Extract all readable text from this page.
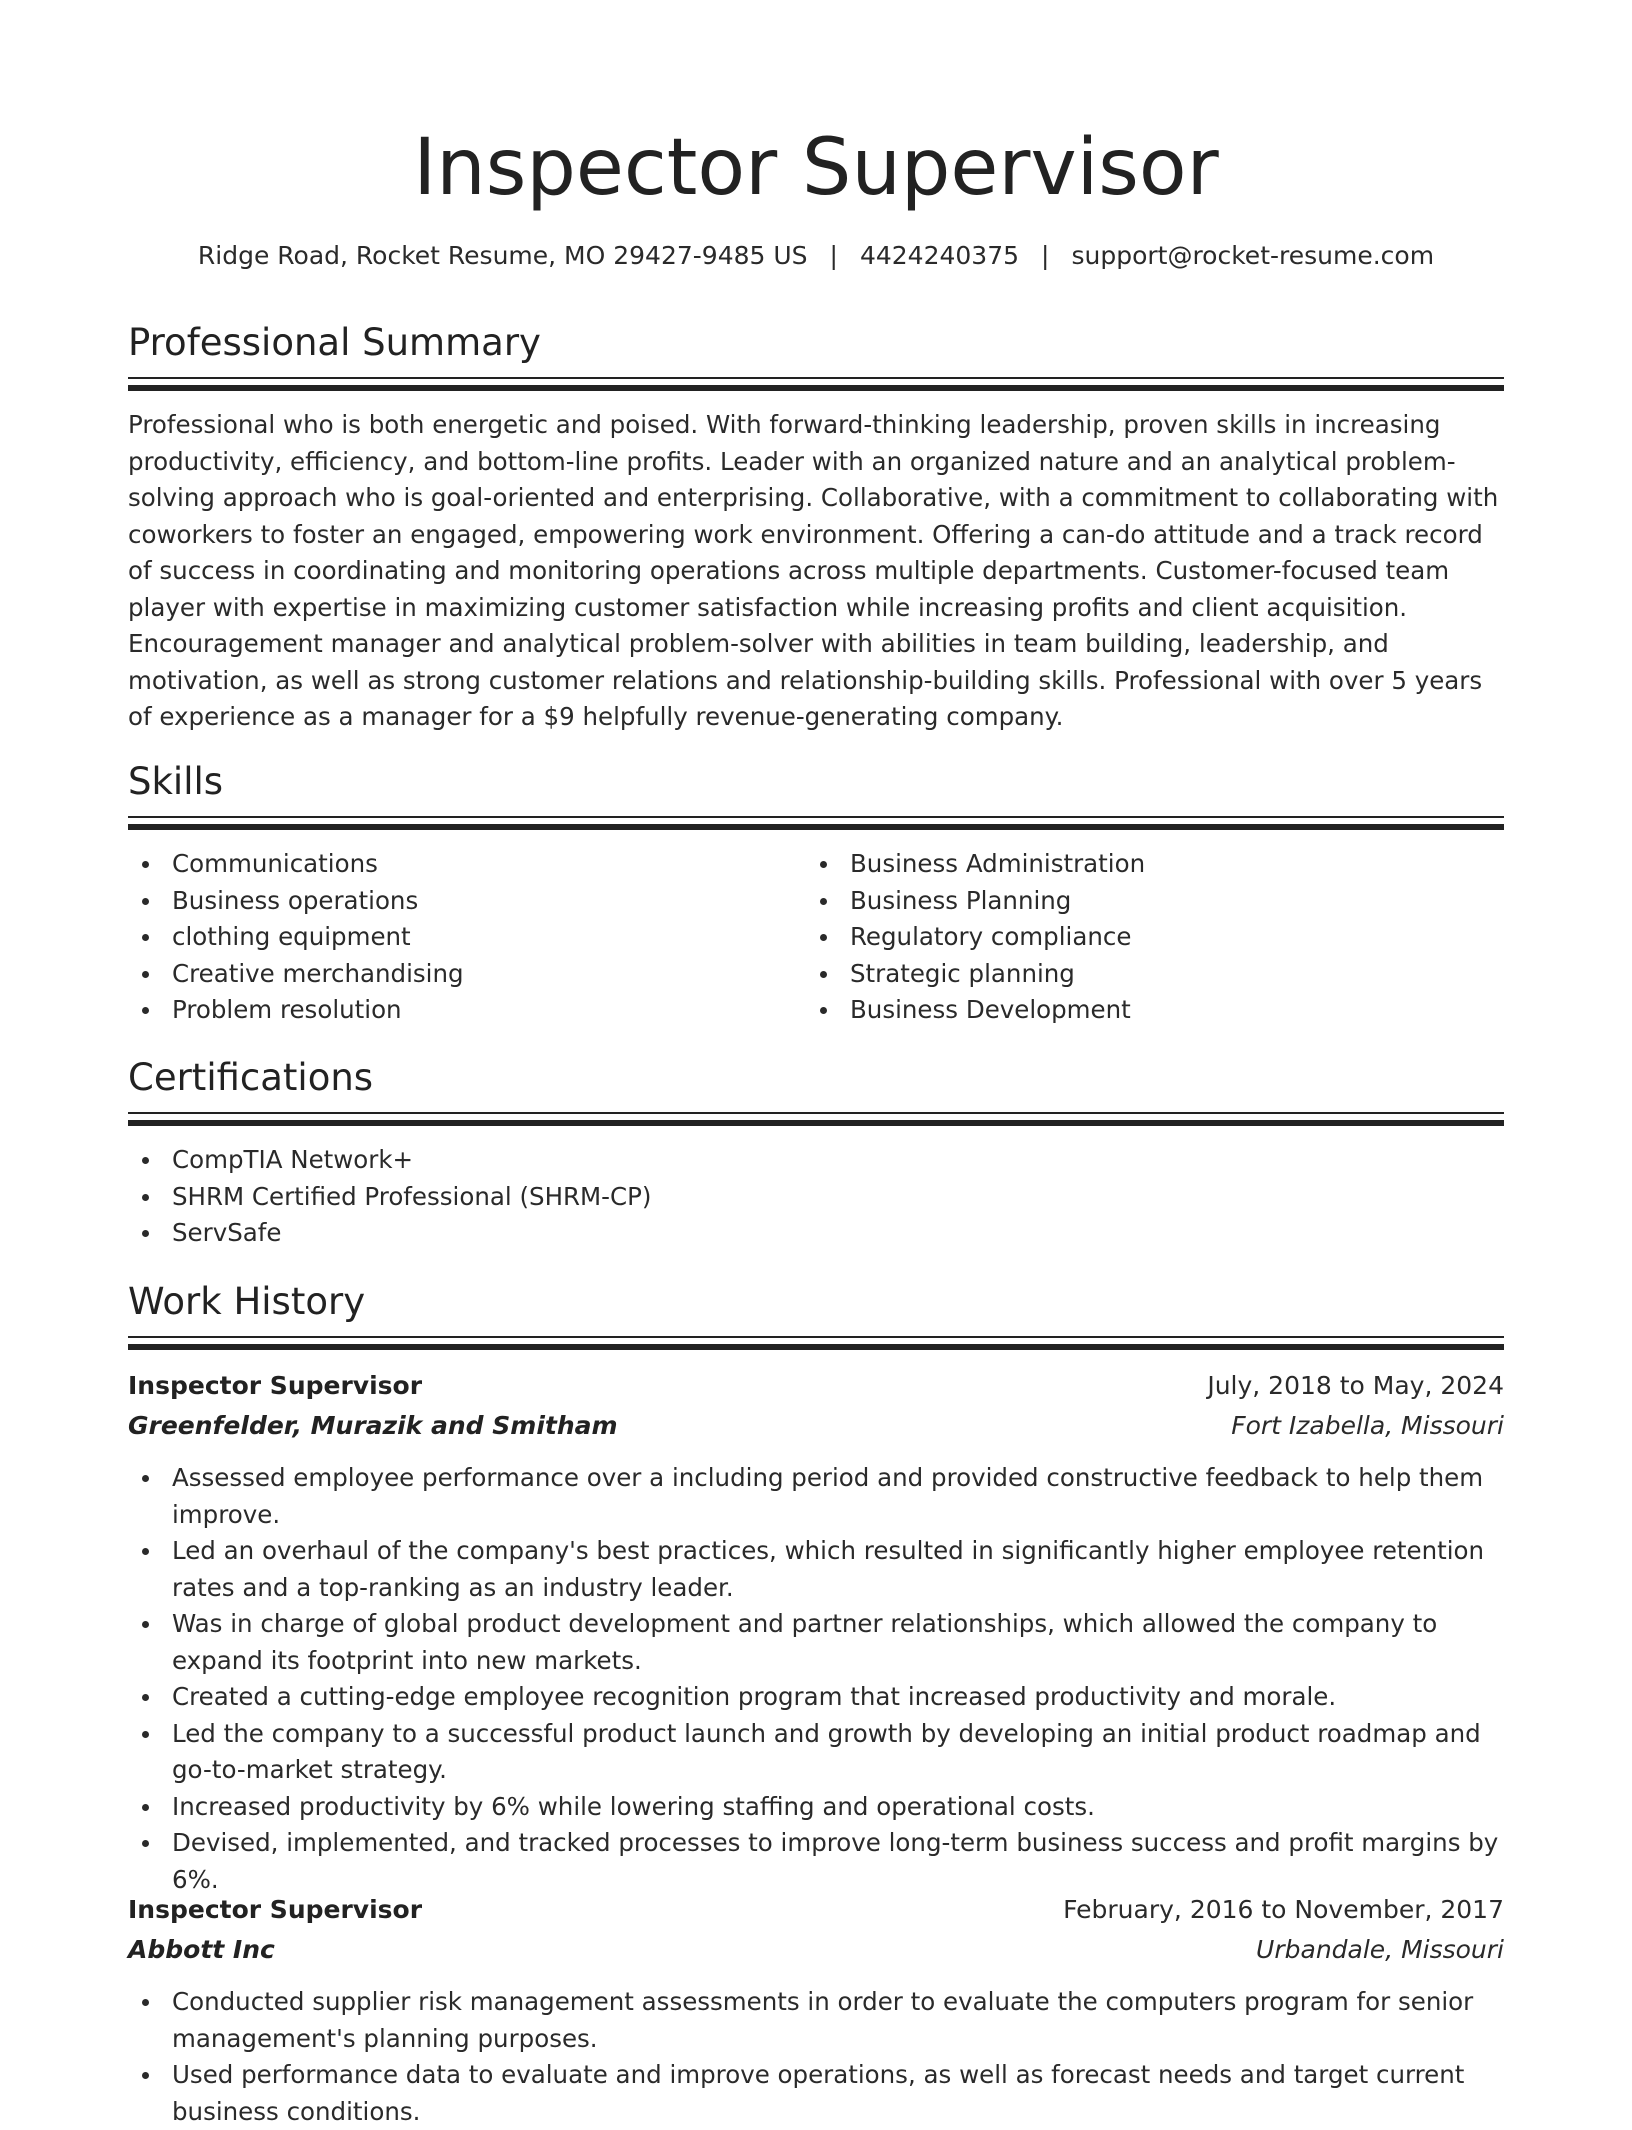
Inspector Supervisor
Ridge Road, Rocket Resume, MO 29427-9485 US | 4424240375 | support@rocket-resume.com
Professional Summary

Professional who is both energetic and poised. With forward-thinking leadership, proven skills in increasing productivity, efficiency, and bottom-line profits. Leader with an organized nature and an analytical problem-solving approach who is goal-oriented and enterprising. Collaborative, with a commitment to collaborating with coworkers to foster an engaged, empowering work environment. Offering a can-do attitude and a track record of success in coordinating and monitoring operations across multiple departments. Customer-focused team player with expertise in maximizing customer satisfaction while increasing profits and client acquisition. Encouragement manager and analytical problem-solver with abilities in team building, leadership, and motivation, as well as strong customer relations and relationship-building skills. Professional with over 5 years of experience as a manager for a $9 helpfully revenue-generating company.

Skills
Communications
Business operations
clothing equipment
Creative merchandising
Problem resolution
Business Administration
Business Planning
Regulatory compliance
Strategic planning
Business Development
Certifications
CompTIA Network+
SHRM Certified Professional (SHRM-CP)
ServSafe
Work History
Inspector Supervisor	July, 2018 to May, 2024
Greenfelder, Murazik and Smitham	Fort Izabella, Missouri
Assessed employee performance over a including period and provided constructive feedback to help them improve.
Led an overhaul of the company's best practices, which resulted in significantly higher employee retention rates and a top-ranking as an industry leader.
Was in charge of global product development and partner relationships, which allowed the company to expand its footprint into new markets.
Created a cutting-edge employee recognition program that increased productivity and morale.
Led the company to a successful product launch and growth by developing an initial product roadmap and go-to-market strategy.
Increased productivity by 6% while lowering staffing and operational costs.
Devised, implemented, and tracked processes to improve long-term business success and profit margins by 6%.
Inspector Supervisor	February, 2016 to November, 2017
Abbott Inc	Urbandale, Missouri
Conducted supplier risk management assessments in order to evaluate the computers program for senior management's planning purposes.
Used performance data to evaluate and improve operations, as well as forecast needs and target current business conditions.
